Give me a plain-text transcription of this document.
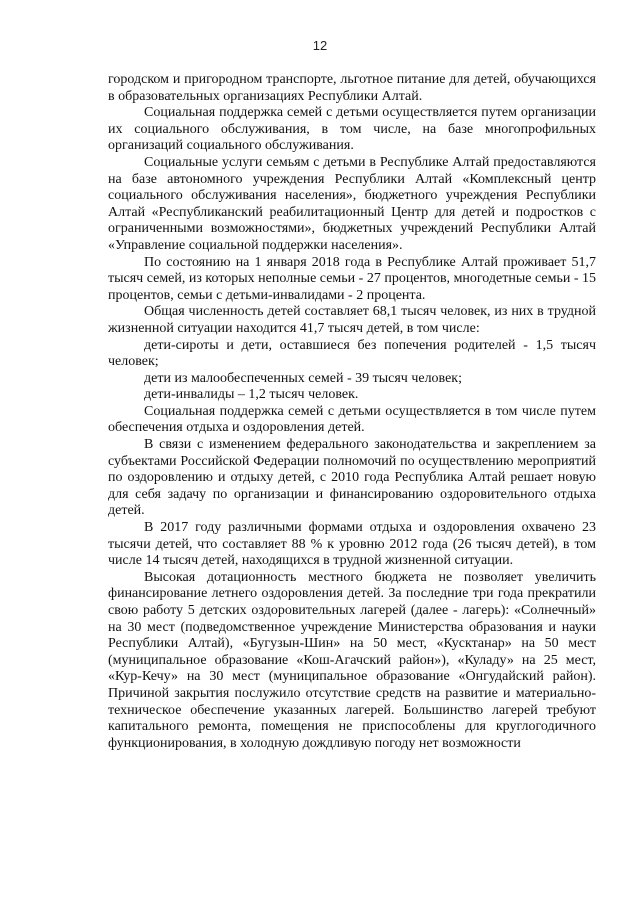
12

городском и пригородном транспорте, льготное питание для детей, обучающихся в образовательных организациях Республики Алтай.

Социальная поддержка семей с детьми осуществляется путем организации их социального обслуживания, в том числе, на базе многопрофильных организаций социального обслуживания.

Социальные услуги семьям с детьми в Республике Алтай предоставляются на базе автономного учреждения Республики Алтай «Комплексный центр социального обслуживания населения», бюджетного учреждения Республики Алтай «Республиканский реабилитационный Центр для детей и подростков с ограниченными возможностями», бюджетных учреждений Республики Алтай «Управление социальной поддержки населения».

По состоянию на 1 января 2018 года в Республике Алтай проживает 51,7 тысяч семей, из которых неполные семьи - 27 процентов, многодетные семьи - 15 процентов, семьи с детьми-инвалидами - 2 процента.

Общая численность детей составляет 68,1 тысяч человек, из них в трудной жизненной ситуации находится 41,7 тысяч детей, в том числе:

дети-сироты и дети, оставшиеся без попечения родителей - 1,5 тысяч человек;

дети из малообеспеченных семей - 39 тысяч человек;

дети-инвалиды – 1,2 тысяч человек.

Социальная поддержка семей с детьми осуществляется в том числе путем обеспечения отдыха и оздоровления детей.

В связи с изменением федерального законодательства и закреплением за субъектами Российской Федерации полномочий по осуществлению мероприятий по оздоровлению и отдыху детей, с 2010 года Республика Алтай решает новую для себя задачу по организации и финансированию оздоровительного отдыха детей.

В 2017 году различными формами отдыха и оздоровления охвачено 23 тысячи детей, что составляет 88 % к уровню 2012 года (26 тысяч детей), в том числе 14 тысяч детей, находящихся в трудной жизненной ситуации.

Высокая дотационность местного бюджета не позволяет увеличить финансирование летнего оздоровления детей. За последние три года прекратили свою работу 5 детских оздоровительных лагерей (далее - лагерь): «Солнечный» на 30 мест (подведомственное учреждение Министерства образования и науки Республики Алтай), «Бугузын-Шин» на 50 мест, «Кусктанар» на 50 мест (муниципальное образование «Кош-Агачский район»), «Куладу» на 25 мест, «Кур-Кечу» на 30 мест (муниципальное образование «Онгудайский район). Причиной закрытия послужило отсутствие средств на развитие и материально-техническое обеспечение указанных лагерей. Большинство лагерей требуют капитального ремонта, помещения не приспособлены для круглогодичного функционирования, в холодную дождливую погоду нет возможности
